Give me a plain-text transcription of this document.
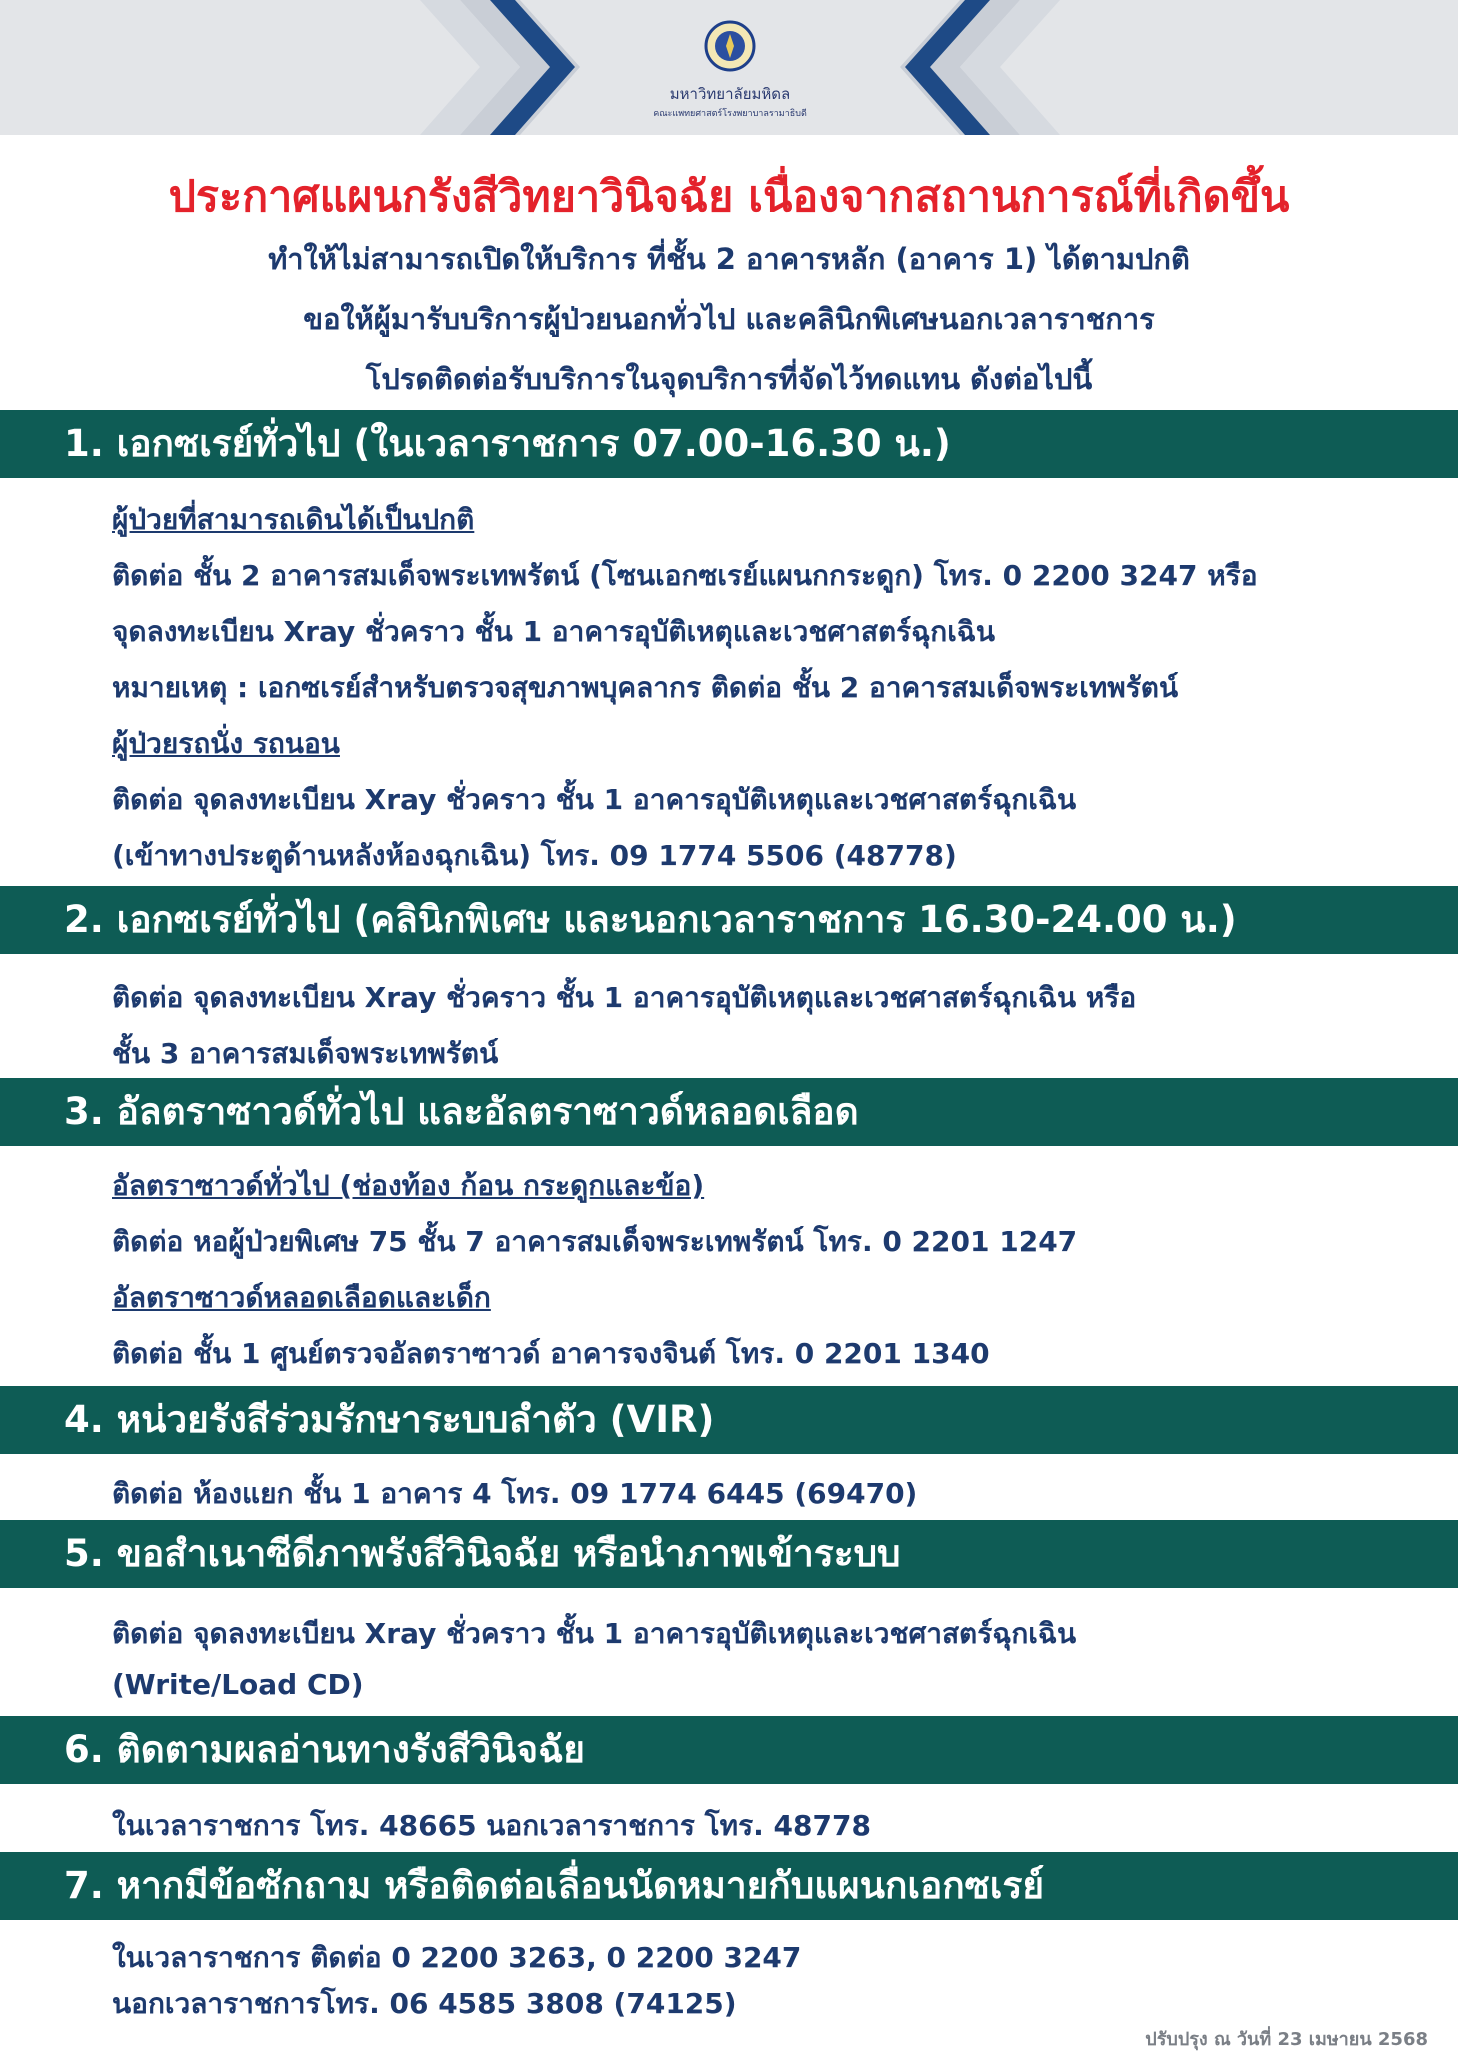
มหาวิทยาลัยมหิดล
คณะแพทยศาสตร์โรงพยาบาลรามาธิบดี
ประกาศแผนกรังสีวิทยาวินิจฉัย เนื่องจากสถานการณ์ที่เกิดขึ้น
ทำให้ไม่สามารถเปิดให้บริการ ที่ชั้น 2 อาคารหลัก (อาคาร 1) ได้ตามปกติ
ขอให้ผู้มารับบริการผู้ป่วยนอกทั่วไป และคลินิกพิเศษนอกเวลาราชการ
โปรดติดต่อรับบริการในจุดบริการที่จัดไว้ทดแทน ดังต่อไปนี้
1. เอกซเรย์ทั่วไป (ในเวลาราชการ 07.00-16.30 น.)
ผู้ป่วยที่สามารถเดินได้เป็นปกติ
ติดต่อ ชั้น 2 อาคารสมเด็จพระเทพรัตน์ (โซนเอกซเรย์แผนกกระดูก) โทร. 0 2200 3247 หรือ
จุดลงทะเบียน Xray ชั่วคราว ชั้น 1 อาคารอุบัติเหตุและเวชศาสตร์ฉุกเฉิน
หมายเหตุ : เอกซเรย์สำหรับตรวจสุขภาพบุคลากร ติดต่อ ชั้น 2 อาคารสมเด็จพระเทพรัตน์
ผู้ป่วยรถนั่ง รถนอน
ติดต่อ จุดลงทะเบียน Xray ชั่วคราว ชั้น 1 อาคารอุบัติเหตุและเวชศาสตร์ฉุกเฉิน
(เข้าทางประตูด้านหลังห้องฉุกเฉิน) โทร. 09 1774 5506 (48778)
2. เอกซเรย์ทั่วไป (คลินิกพิเศษ และนอกเวลาราชการ 16.30-24.00 น.)
ติดต่อ จุดลงทะเบียน Xray ชั่วคราว ชั้น 1 อาคารอุบัติเหตุและเวชศาสตร์ฉุกเฉิน หรือ
ชั้น 3 อาคารสมเด็จพระเทพรัตน์
3. อัลตราซาวด์ทั่วไป และอัลตราซาวด์หลอดเลือด
อัลตราซาวด์ทั่วไป (ช่องท้อง ก้อน กระดูกและข้อ)
ติดต่อ หอผู้ป่วยพิเศษ 75 ชั้น 7 อาคารสมเด็จพระเทพรัตน์ โทร. 0 2201 1247
อัลตราซาวด์หลอดเลือดและเด็ก
ติดต่อ ชั้น 1 ศูนย์ตรวจอัลตราซาวด์ อาคารจงจินต์ โทร. 0 2201 1340
4. หน่วยรังสีร่วมรักษาระบบลำตัว (VIR)
ติดต่อ ห้องแยก ชั้น 1 อาคาร 4 โทร. 09 1774 6445 (69470)
5. ขอสำเนาซีดีภาพรังสีวินิจฉัย หรือนำภาพเข้าระบบ
ติดต่อ จุดลงทะเบียน Xray ชั่วคราว ชั้น 1 อาคารอุบัติเหตุและเวชศาสตร์ฉุกเฉิน
(Write/Load CD)
6. ติดตามผลอ่านทางรังสีวินิจฉัย
ในเวลาราชการ โทร. 48665 นอกเวลาราชการ โทร. 48778
7. หากมีข้อซักถาม หรือติดต่อเลื่อนนัดหมายกับแผนกเอกซเรย์
ในเวลาราชการ ติดต่อ 0 2200 3263, 0 2200 3247
นอกเวลาราชการโทร. 06 4585 3808 (74125)
ปรับปรุง ณ วันที่ 23 เมษายน 2568
